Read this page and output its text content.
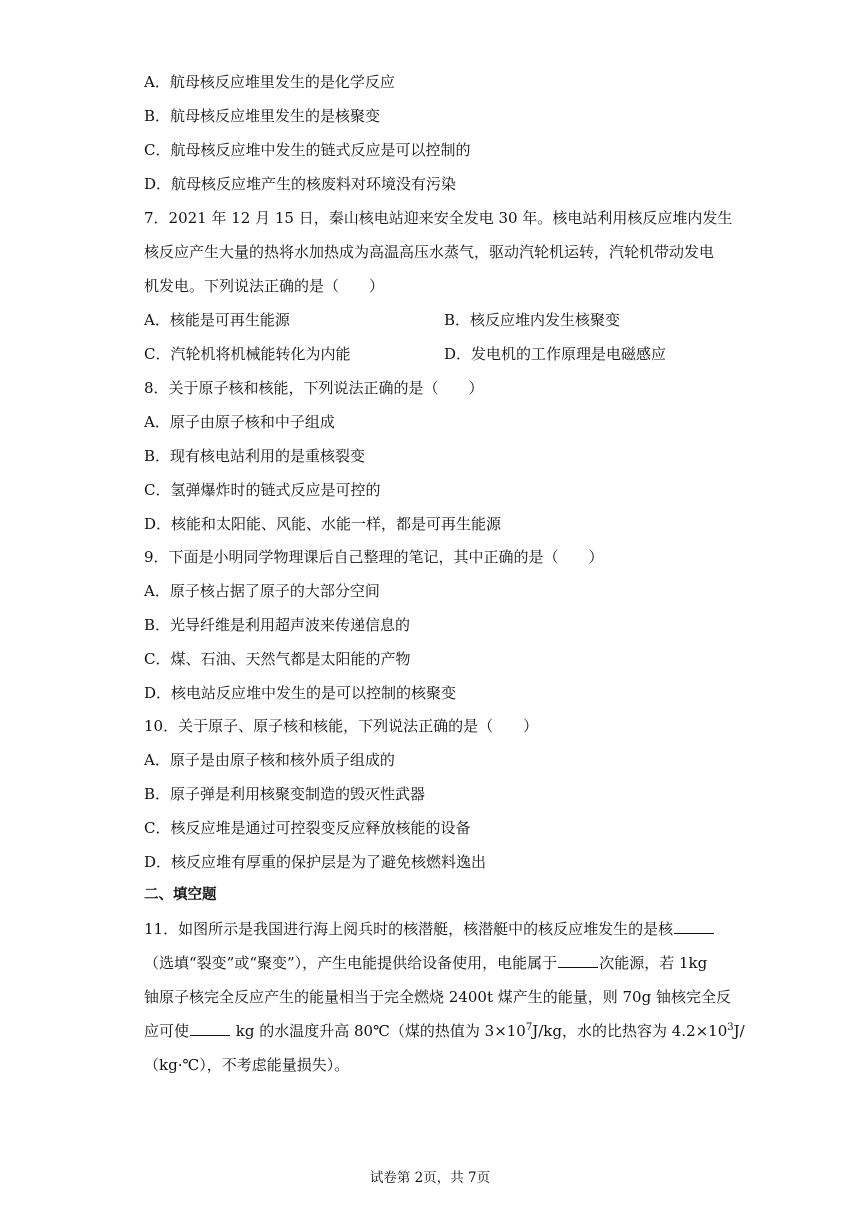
A．航母核反应堆里发生的是化学反应
B．航母核反应堆里发生的是核聚变
C．航母核反应堆中发生的链式反应是可以控制的
D．航母核反应堆产生的核废料对环境没有污染
7．2021 年 12 月 15 日，秦山核电站迎来安全发电 30 年。核电站利用核反应堆内发生
核反应产生大量的热将水加热成为高温高压水蒸气，驱动汽轮机运转，汽轮机带动发电
机发电。下列说法正确的是（　　）
A．核能是可再生能源	B．核反应堆内发生核聚变
C．汽轮机将机械能转化为内能	D．发电机的工作原理是电磁感应
8．关于原子核和核能，下列说法正确的是（　　）
A．原子由原子核和中子组成
B．现有核电站利用的是重核裂变
C．氢弹爆炸时的链式反应是可控的
D．核能和太阳能、风能、水能一样，都是可再生能源
9．下面是小明同学物理课后自己整理的笔记，其中正确的是（　　）
A．原子核占据了原子的大部分空间
B．光导纤维是利用超声波来传递信息的
C．煤、石油、天然气都是太阳能的产物
D．核电站反应堆中发生的是可以控制的核聚变
10．关于原子、原子核和核能，下列说法正确的是（　　）
A．原子是由原子核和核外质子组成的
B．原子弹是利用核聚变制造的毁灭性武器
C．核反应堆是通过可控裂变反应释放核能的设备
D．核反应堆有厚重的保护层是为了避免核燃料逸出
二、填空题
11．如图所示是我国进行海上阅兵时的核潜艇，核潜艇中的核反应堆发生的是核
（选填“裂变”或“聚变”），产生电能提供给设备使用，电能属于	次能源，若 1kg
铀原子核完全反应产生的能量相当于完全燃烧 2400t 煤产生的能量，则 70g 铀核完全反
应可使	kg 的水温度升高 80℃（煤的热值为 $3\times 10^7J/kg$，水的比热容为 $4.2\times 10^3J/$
（kg·℃），不考虑能量损失）。
试卷第 2页，共 7页
